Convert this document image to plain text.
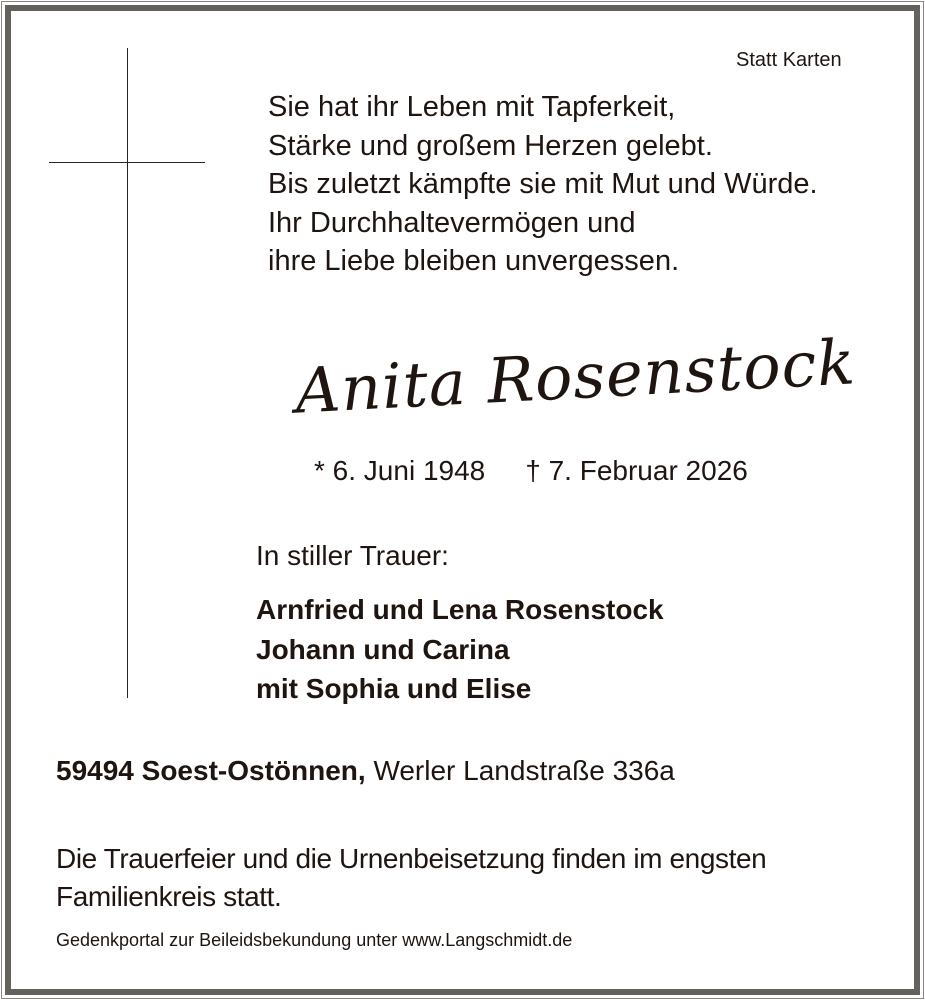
Statt Karten
Sie hat ihr Leben mit Tapferkeit,
Stärke und großem Herzen gelebt.
Bis zuletzt kämpfte sie mit Mut und Würde.
Ihr Durchhaltevermögen und
ihre Liebe bleiben unvergessen.
Anita Rosenstock
* 6. Juni 1948 † 7. Februar 2026
In stiller Trauer:
Arnfried und Lena Rosenstock
Johann und Carina
mit Sophia und Elise
59494 Soest-Ostönnen, Werler Landstraße 336a
Die Trauerfeier und die Urnenbeisetzung finden im engsten
Familienkreis statt.
Gedenkportal zur Beileidsbekundung unter www.Langschmidt.de
